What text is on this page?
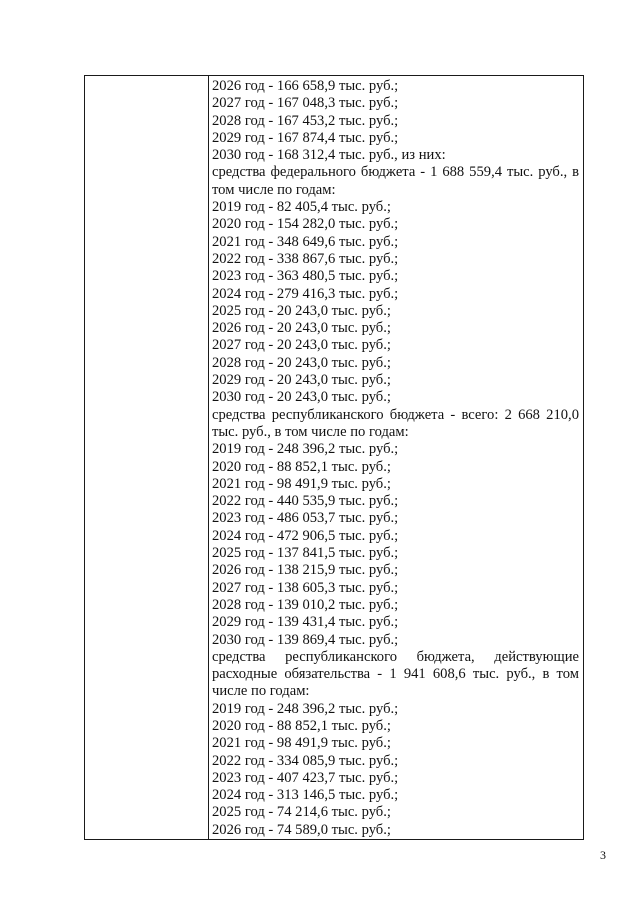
2026 год - 166 658,9 тыс. руб.;
2027 год - 167 048,3 тыс. руб.;
2028 год - 167 453,2 тыс. руб.;
2029 год - 167 874,4 тыс. руб.;
2030 год - 168 312,4 тыс. руб., из них:
средства федерального бюджета - 1 688 559,4 тыс. руб., в
том числе по годам:
2019 год - 82 405,4 тыс. руб.;
2020 год - 154 282,0 тыс. руб.;
2021 год - 348 649,6 тыс. руб.;
2022 год - 338 867,6 тыс. руб.;
2023 год - 363 480,5 тыс. руб.;
2024 год - 279 416,3 тыс. руб.;
2025 год - 20 243,0 тыс. руб.;
2026 год - 20 243,0 тыс. руб.;
2027 год - 20 243,0 тыс. руб.;
2028 год - 20 243,0 тыс. руб.;
2029 год - 20 243,0 тыс. руб.;
2030 год - 20 243,0 тыс. руб.;
средства республиканского бюджета - всего: 2 668 210,0
тыс. руб., в том числе по годам:
2019 год - 248 396,2 тыс. руб.;
2020 год - 88 852,1 тыс. руб.;
2021 год - 98 491,9 тыс. руб.;
2022 год - 440 535,9 тыс. руб.;
2023 год - 486 053,7 тыс. руб.;
2024 год - 472 906,5 тыс. руб.;
2025 год - 137 841,5 тыс. руб.;
2026 год - 138 215,9 тыс. руб.;
2027 год - 138 605,3 тыс. руб.;
2028 год - 139 010,2 тыс. руб.;
2029 год - 139 431,4 тыс. руб.;
2030 год - 139 869,4 тыс. руб.;
средства республиканского бюджета, действующие
расходные обязательства - 1 941 608,6 тыс. руб., в том
числе по годам:
2019 год - 248 396,2 тыс. руб.;
2020 год - 88 852,1 тыс. руб.;
2021 год - 98 491,9 тыс. руб.;
2022 год - 334 085,9 тыс. руб.;
2023 год - 407 423,7 тыс. руб.;
2024 год - 313 146,5 тыс. руб.;
2025 год - 74 214,6 тыс. руб.;
2026 год - 74 589,0 тыс. руб.;
3
